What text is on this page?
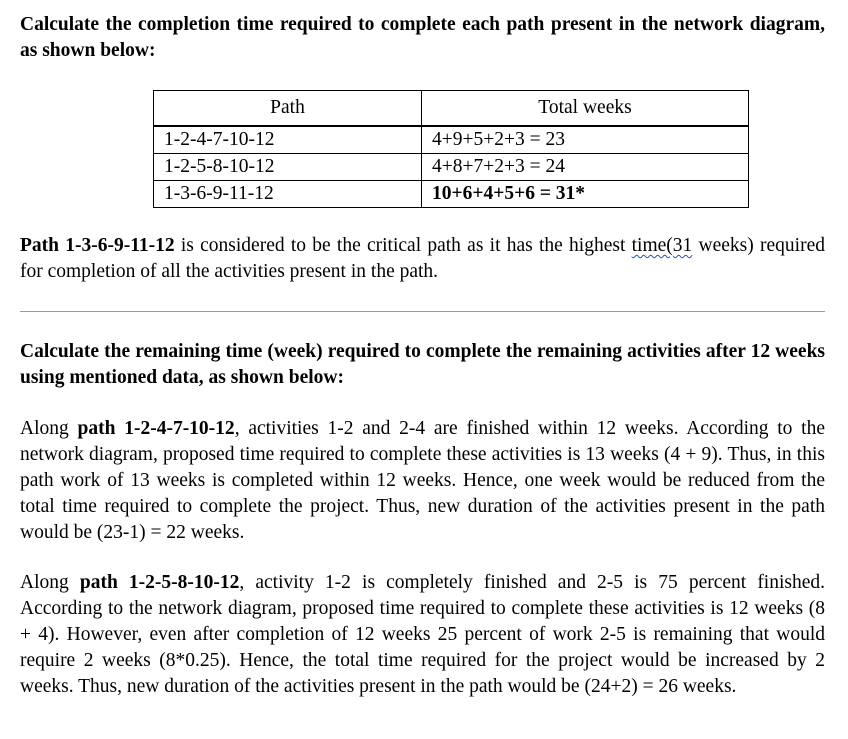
Calculate the completion time required to complete each path present in the network diagram, as shown below:

Path	Total weeks
1-2-4-7-10-12	4+9+5+2+3 = 23
1-2-5-8-10-12	4+8+7+2+3 = 24
1-3-6-9-11-12	10+6+4+5+6 = 31*

Path 1-3-6-9-11-12 is considered to be the critical path as it has the highest time(31 weeks) required for completion of all the activities present in the path.

Calculate the remaining time (week) required to complete the remaining activities after 12 weeks using mentioned data, as shown below:

Along path 1-2-4-7-10-12, activities 1-2 and 2-4 are finished within 12 weeks. According to the network diagram, proposed time required to complete these activities is 13 weeks (4 + 9). Thus, in this path work of 13 weeks is completed within 12 weeks. Hence, one week would be reduced from the total time required to complete the project. Thus, new duration of the activities present in the path would be (23-1) = 22 weeks.

Along path 1-2-5-8-10-12, activity 1-2 is completely finished and 2-5 is 75 percent finished. According to the network diagram, proposed time required to complete these activities is 12 weeks (8 + 4). However, even after completion of 12 weeks 25 percent of work 2-5 is remaining that would require 2 weeks (8*0.25). Hence, the total time required for the project would be increased by 2 weeks. Thus, new duration of the activities present in the path would be (24+2) = 26 weeks.
